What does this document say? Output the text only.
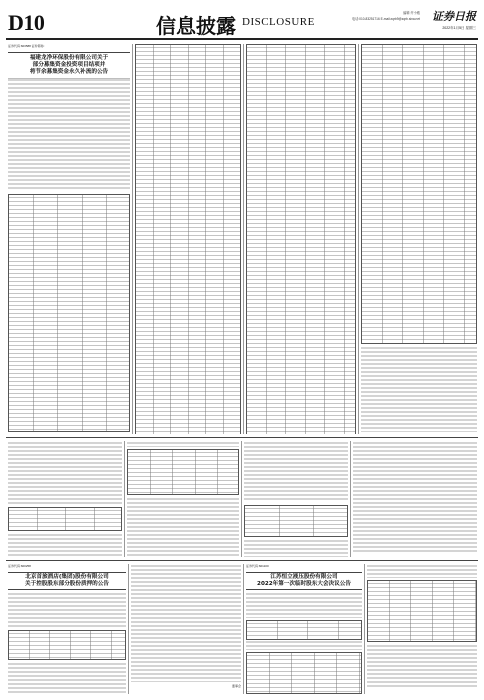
D10	信息披露 DISCLOSURE
编辑 许小雅
电话:010-83251716 E-mail:zqrb9@zqrb.sina.net 证券日报
2022年1月5日 星期三
证券代码:603588 证券简称:
福建龙净环保股份有限公司关于
部分募集资金投资项目结项并
将节余募集资金永久补流的公告
证券代码:600258
北京首旅酒店(集团)股份有限公司
关于控股股东部分股份质押的公告
董事会
证券代码:601100
江苏恒立液压股份有限公司
2022年第一次临时股东大会决议公告
